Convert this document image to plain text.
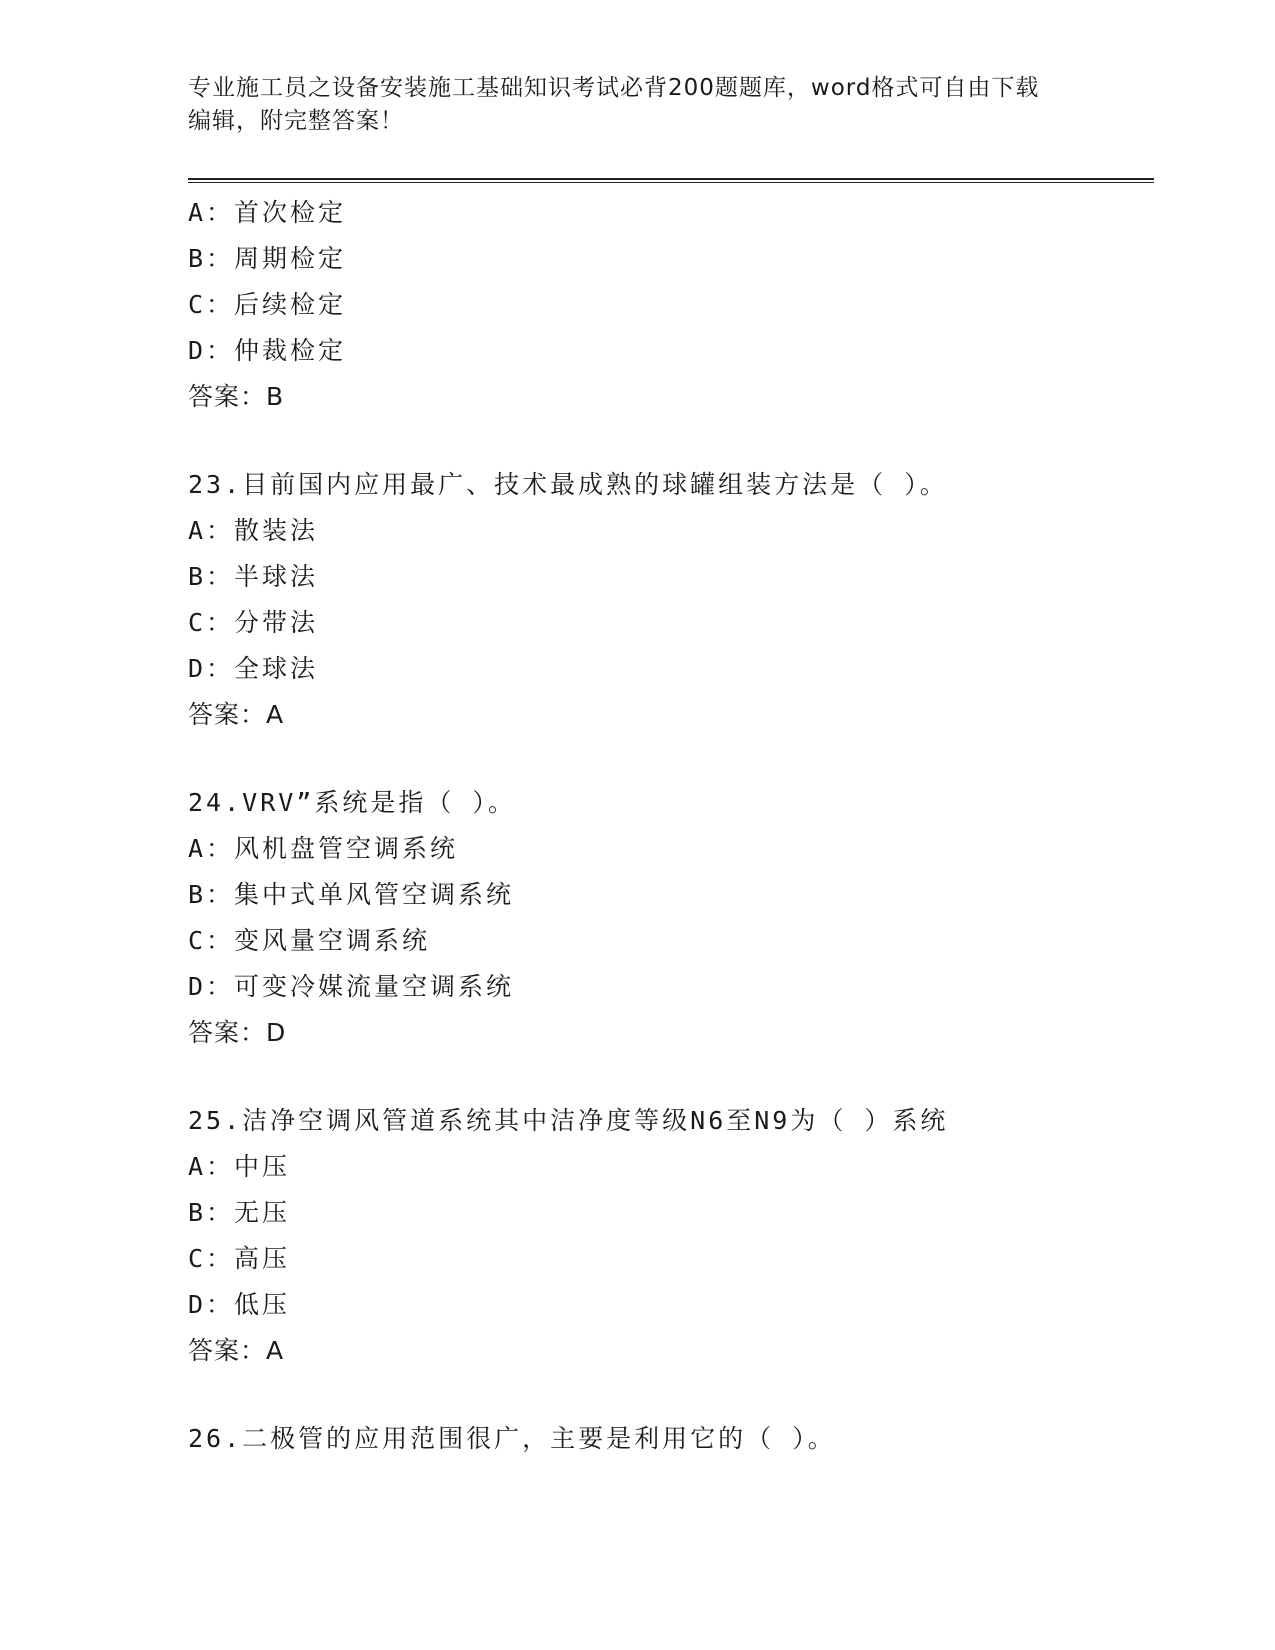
专业施工员之设备安装施工基础知识考试必背200题题库，word格式可自由下载
编辑，附完整答案！
A：首次检定
B：周期检定
C：后续检定
D：仲裁检定
答案：B
23.目前国内应用最广、技术最成熟的球罐组装方法是（ ）。
A：散装法
B：半球法
C：分带法
D：全球法
答案：A
24.VRV”系统是指（ ）。
A：风机盘管空调系统
B：集中式单风管空调系统
C：变风量空调系统
D：可变冷媒流量空调系统
答案：D
25.洁净空调风管道系统其中洁净度等级N6至N9为（ ）系统
A：中压
B：无压
C：高压
D：低压
答案：A
26.二极管的应用范围很广，主要是利用它的（ ）。
